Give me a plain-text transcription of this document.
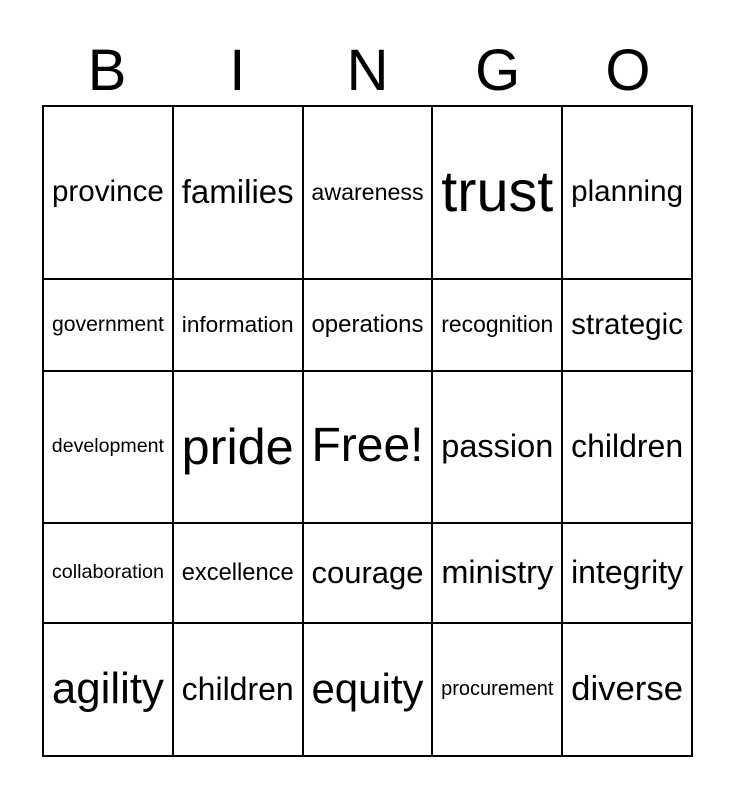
B	I	N	G	O
province	families	awareness	trust	planning
government	information	operations	recognition	strategic
development	pride	Free!	passion	children
collaboration	excellence	courage	ministry	integrity
agility	children	equity	procurement	diverse
